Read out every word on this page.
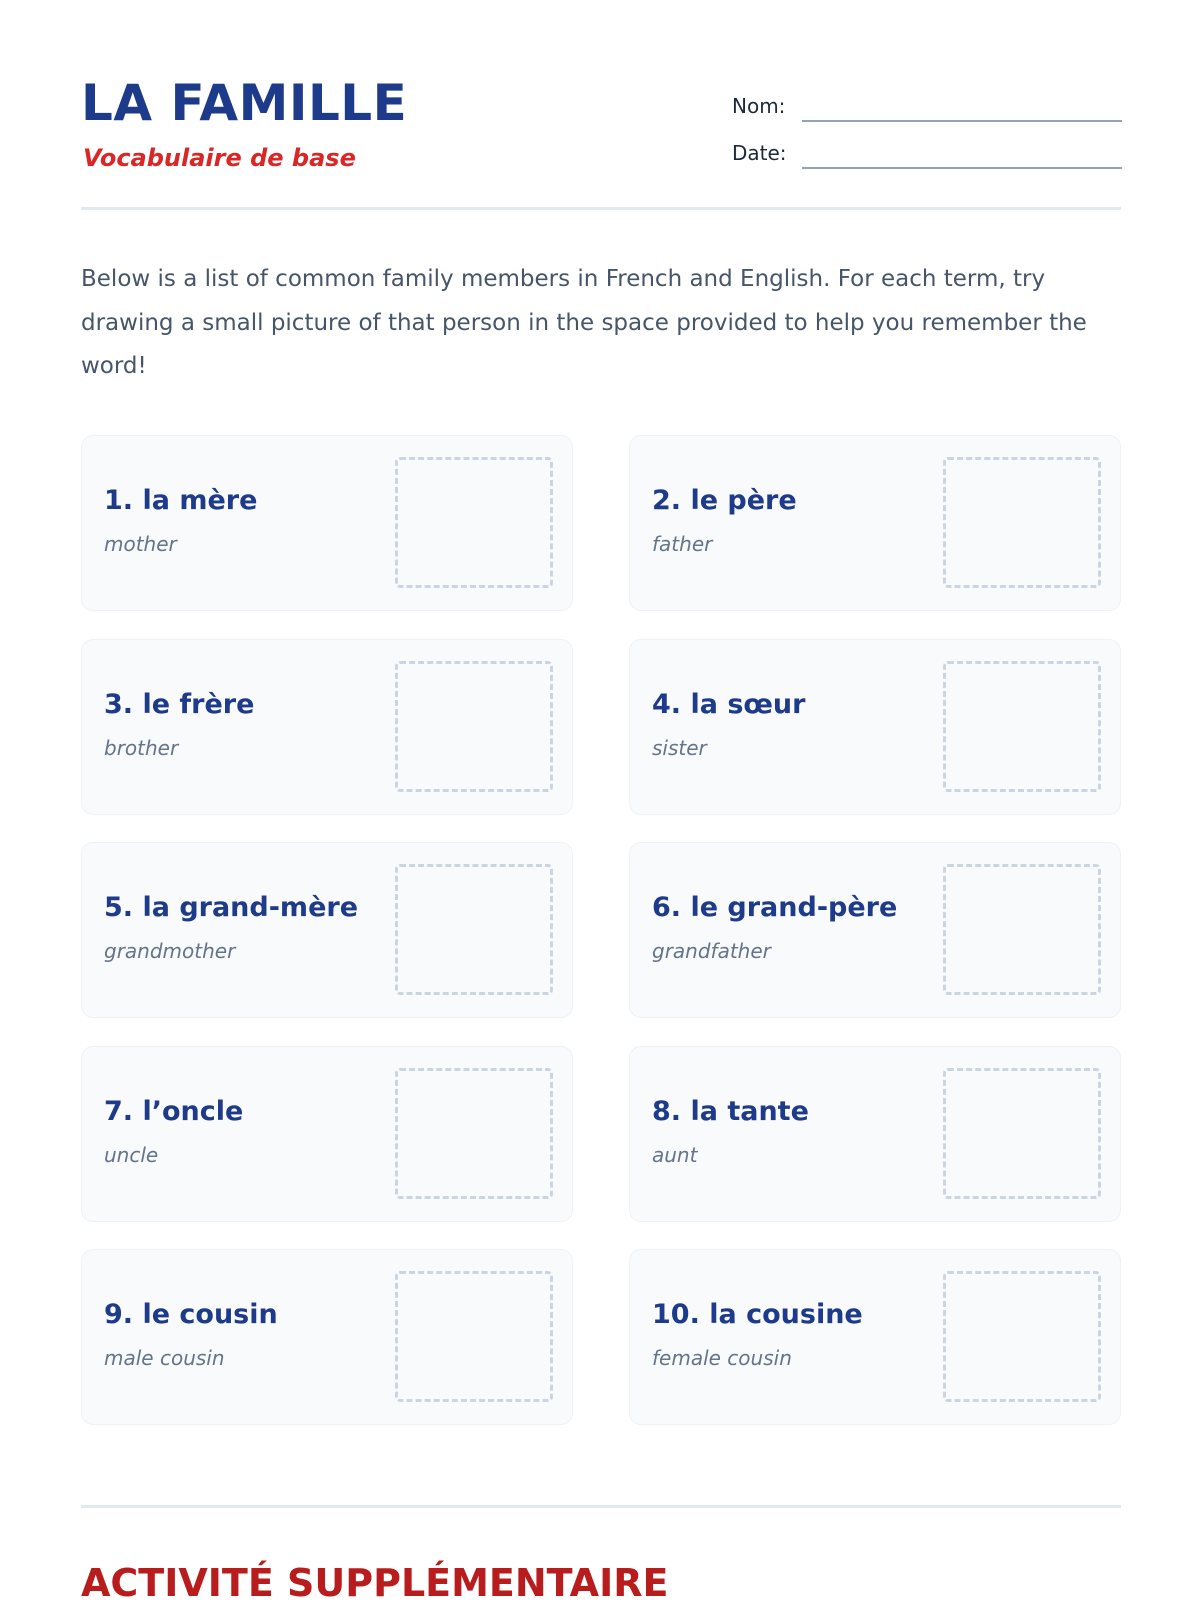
LA FAMILLE

Vocabulaire de base

Nom:
Date:

Below is a list of common family members in French and English. For each term, try drawing a small picture of that person in the space provided to help you remember the word!

1. la mère

mother

2. le père

father

3. le frère

brother

4. la sœur

sister

5. la grand-mère

grandmother

6. le grand-père

grandfather

7. l’oncle

uncle

8. la tante

aunt

9. le cousin

male cousin

10. la cousine

female cousin

ACTIVITÉ SUPPLÉMENTAIRE
